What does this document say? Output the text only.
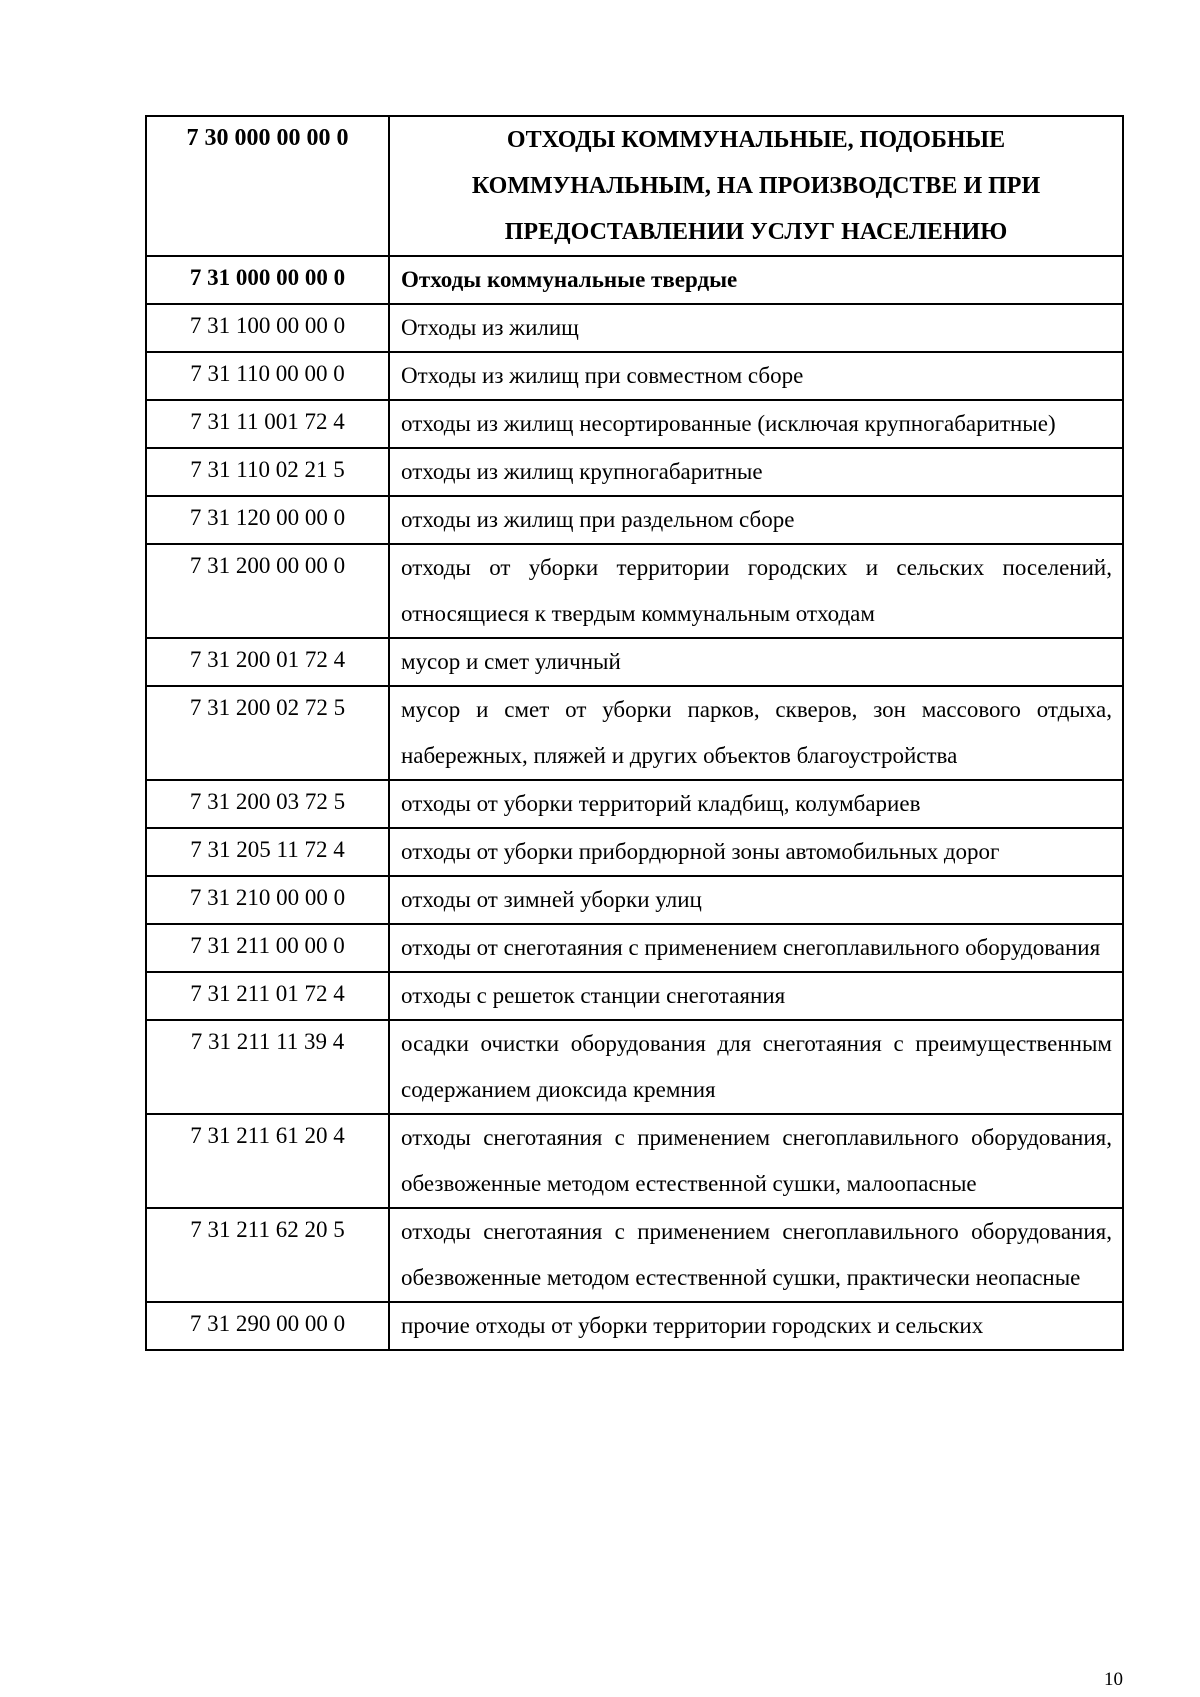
7 30 000 00 00 0	ОТХОДЫ КОММУНАЛЬНЫЕ, ПОДОБНЫЕ КОММУНАЛЬНЫМ, НА ПРОИЗВОДСТВЕ И ПРИ ПРЕДОСТАВЛЕНИИ УСЛУГ НАСЕЛЕНИЮ
7 31 000 00 00 0	Отходы коммунальные твердые
7 31 100 00 00 0	Отходы из жилищ
7 31 110 00 00 0	Отходы из жилищ при совместном сборе
7 31 11 001 72 4	отходы из жилищ несортированные (исключая крупногабаритные)
7 31 110 02 21 5	отходы из жилищ крупногабаритные
7 31 120 00 00 0	отходы из жилищ при раздельном сборе
7 31 200 00 00 0	отходы от уборки территории городских и сельских поселений, относящиеся к твердым коммунальным отходам
7 31 200 01 72 4	мусор и смет уличный
7 31 200 02 72 5	мусор и смет от уборки парков, скверов, зон массового отдыха, набережных, пляжей и других объектов благоустройства
7 31 200 03 72 5	отходы от уборки территорий кладбищ, колумбариев
7 31 205 11 72 4	отходы от уборки прибордюрной зоны автомобильных дорог
7 31 210 00 00 0	отходы от зимней уборки улиц
7 31 211 00 00 0	отходы от снеготаяния с применением снегоплавильного оборудования
7 31 211 01 72 4	отходы с решеток станции снеготаяния
7 31 211 11 39 4	осадки очистки оборудования для снеготаяния с преимущественным содержанием диоксида кремния
7 31 211 61 20 4	отходы снеготаяния с применением снегоплавильного оборудования, обезвоженные методом естественной сушки, малоопасные
7 31 211 62 20 5	отходы снеготаяния с применением снегоплавильного оборудования, обезвоженные методом естественной сушки, практически неопасные
7 31 290 00 00 0	прочие отходы от уборки территории городских и сельских
10
